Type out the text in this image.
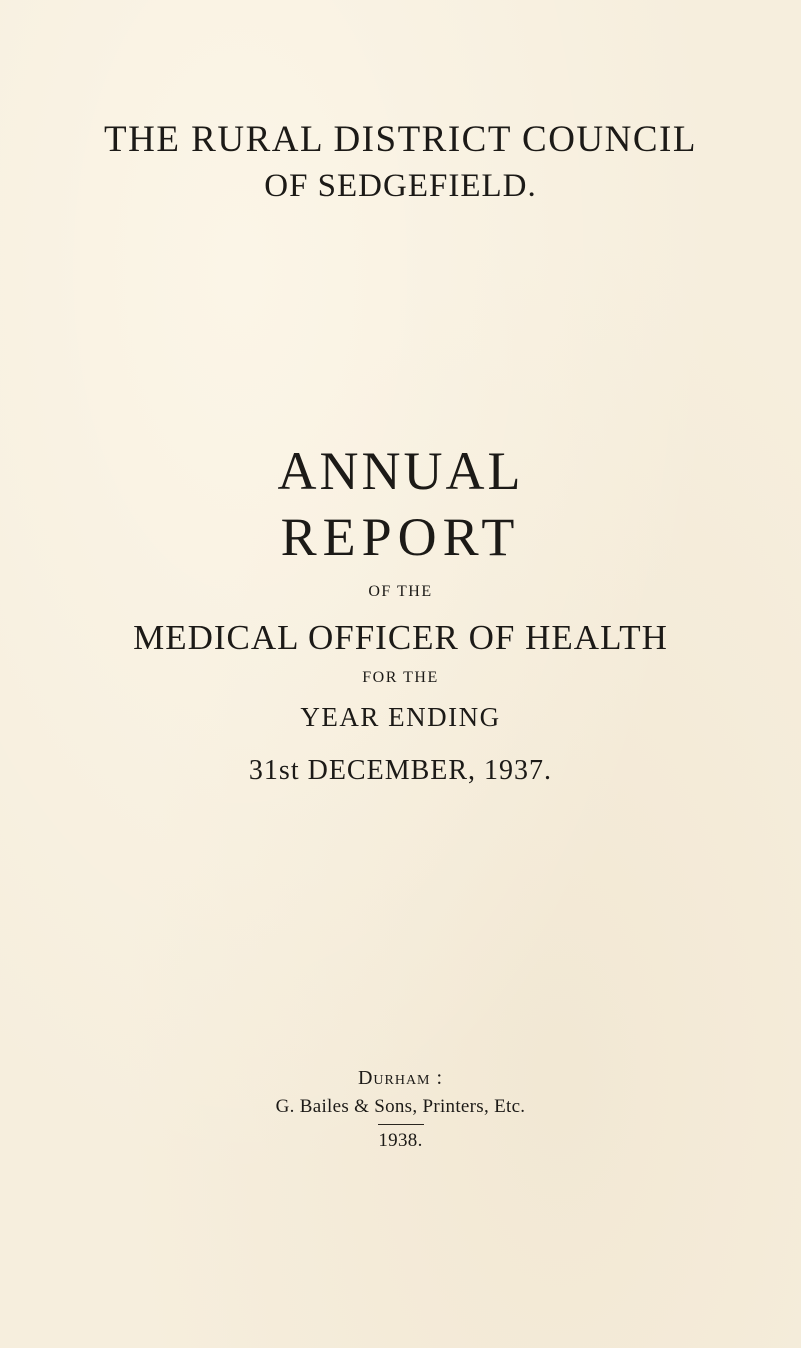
THE RURAL DISTRICT COUNCIL
OF SEDGEFIELD.
ANNUAL
REPORT
OF THE
MEDICAL OFFICER OF HEALTH
FOR THE
YEAR ENDING
31st DECEMBER, 1937.
Durham :
G. Bailes & Sons, Printers, Etc.
1938.
